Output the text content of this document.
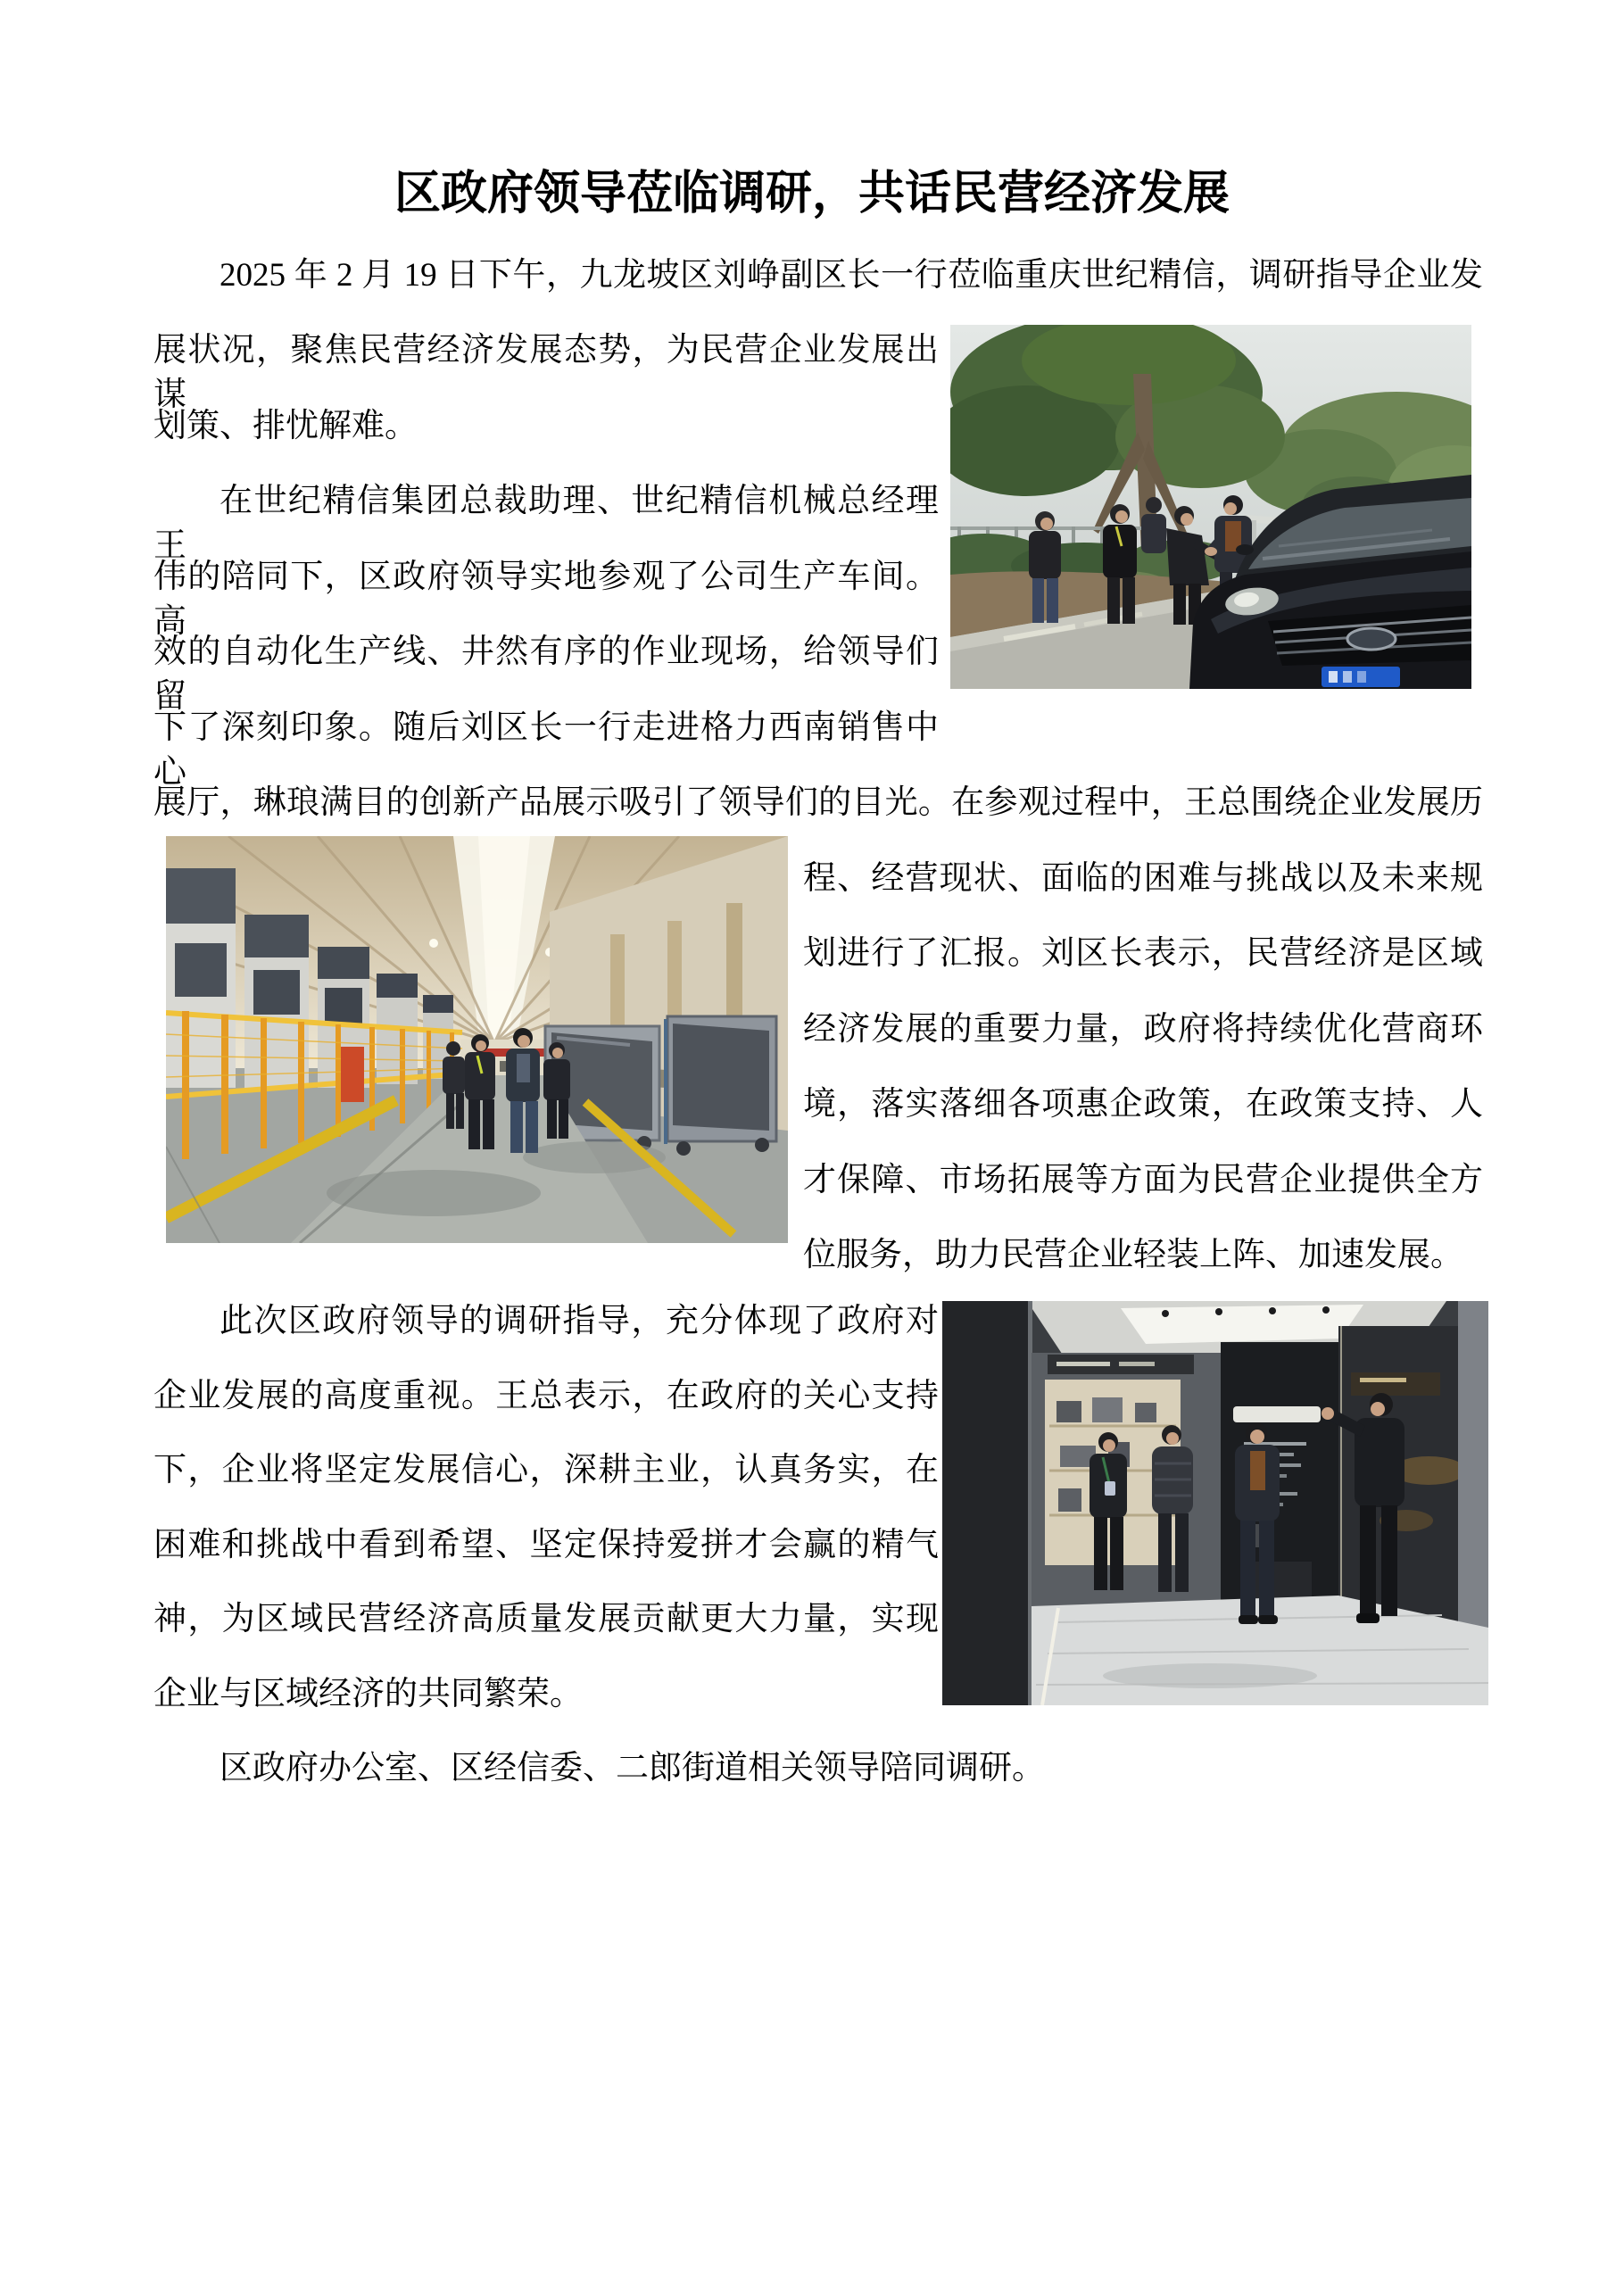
区政府领导莅临调研，共话民营经济发展
2025 年 2 月 19 日下午，九龙坡区刘峥副区长一行莅临重庆世纪精信，调研指导企业发
展状况，聚焦民营经济发展态势，为民营企业发展出谋
划策、排忧解难。
在世纪精信集团总裁助理、世纪精信机械总经理王
伟的陪同下，区政府领导实地参观了公司生产车间。高
效的自动化生产线、井然有序的作业现场，给领导们留
下了深刻印象。随后刘区长一行走进格力西南销售中心
展厅，琳琅满目的创新产品展示吸引了领导们的目光。在参观过程中，王总围绕企业发展历
程、经营现状、面临的困难与挑战以及未来规
划进行了汇报。刘区长表示，民营经济是区域
经济发展的重要力量，政府将持续优化营商环
境，落实落细各项惠企政策，在政策支持、人
才保障、市场拓展等方面为民营企业提供全方
位服务，助力民营企业轻装上阵、加速发展。
此次区政府领导的调研指导，充分体现了政府对
企业发展的高度重视。王总表示，在政府的关心支持
下，企业将坚定发展信心，深耕主业，认真务实，在
困难和挑战中看到希望、坚定保持爱拼才会赢的精气
神，为区域民营经济高质量发展贡献更大力量，实现
企业与区域经济的共同繁荣。
区政府办公室、区经信委、二郎街道相关领导陪同调研。
